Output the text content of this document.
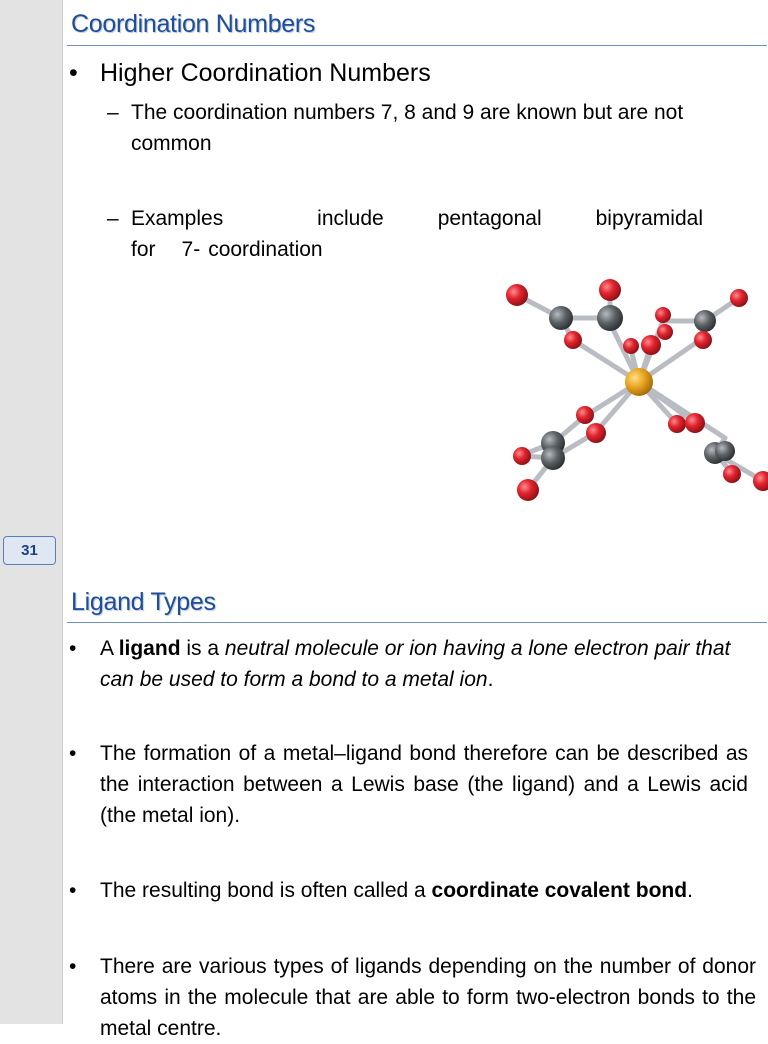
31
Coordination Numbers
• Higher Coordination Numbers
– The coordination numbers 7, 8 and 9 are known but are not common
– Examples	include	pentagonal	bipyramidal
for 7- coordination
Ligand Types
• A ligand is a neutral molecule or ion having a lone electron pair that can be used to form a bond to a metal ion.
• The formation of a metal–ligand bond therefore can be described as the interaction between a Lewis base (the ligand) and a Lewis acid (the metal ion).
• The resulting bond is often called a coordinate covalent bond.
• There are various types of ligands depending on the number of donor atoms in the molecule that are able to form two-electron bonds to the metal centre.
